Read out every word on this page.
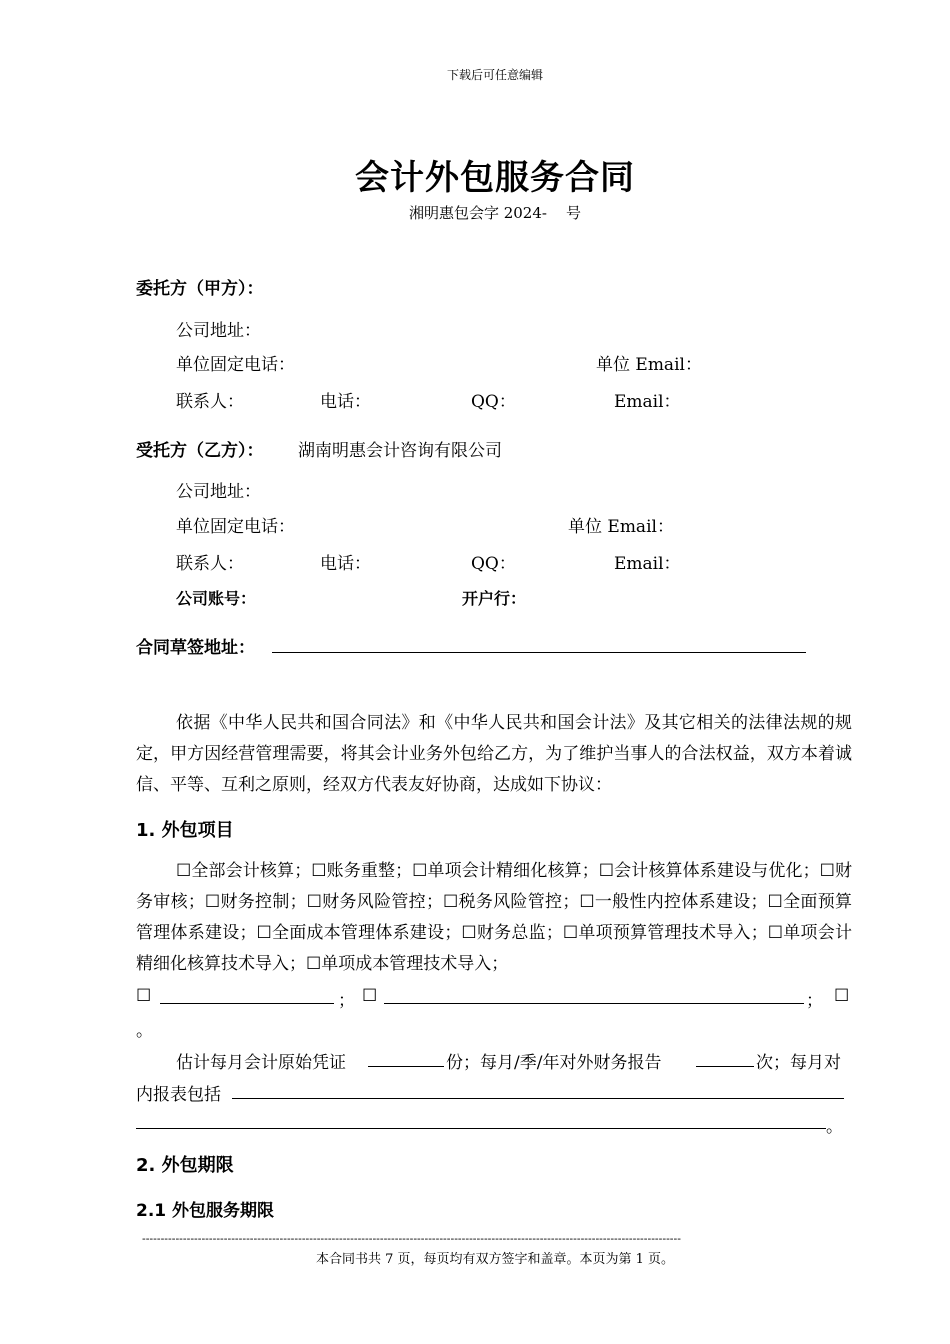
下载后可任意编辑
会计外包服务合同
湘明惠包会字 2024-    号
委托方（甲方）：
公司地址：
单位固定电话：	单位 Email：
联系人：	电话：	QQ：	Email：
受托方（乙方）： 湖南明惠会计咨询有限公司
公司地址：
单位固定电话：	单位 Email：
联系人：	电话：	QQ：	Email：
公司账号：	开户行：
合同草签地址：
依据《中华人民共和国合同法》和《中华人民共和国会计法》及其它相关的法律法规的规定，甲方因经营管理需要，将其会计业务外包给乙方，为了维护当事人的合法权益，双方本着诚信、平等、互利之原则，经双方代表友好协商，达成如下协议：
1. 外包项目
☐全部会计核算；☐账务重整；☐单项会计精细化核算；☐会计核算体系建设与优化；☐财务审核；☐财务控制；☐财务风险管控；☐税务风险管控；☐一般性内控体系建设；☐全面预算管理体系建设；☐全面成本管理体系建设；☐财务总监；☐单项预算管理技术导入；☐单项会计精细化核算技术导入；☐单项成本管理技术导入；
☐	； ☐	； ☐
。
估计每月会计原始凭证	份；每月/季/年对外财务报告	次；每月对
内报表包括
。
2. 外包期限
2.1 外包服务期限
-------------------------------------------------------------------------------------------------------------------------------------------------
本合同书共 7 页，每页均有双方签字和盖章。本页为第 1 页。
